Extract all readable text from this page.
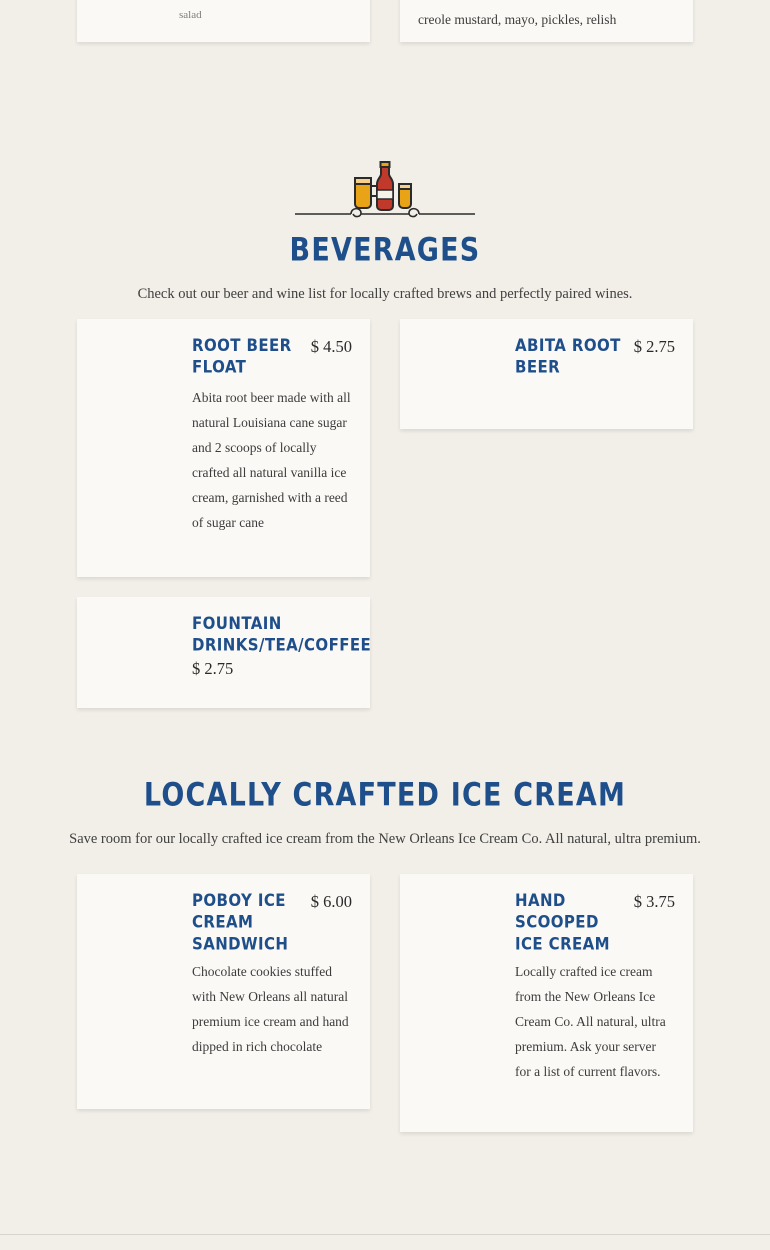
salad	creole mustard, mayo, pickles, relish
BEVERAGES

Check out our beer and wine list for locally crafted brews and perfectly paired wines.

ROOT BEER FLOAT
$ 4.50
Abita root beer made with all natural Louisiana cane sugar and 2 scoops of locally crafted all natural vanilla ice cream, garnished with a reed of sugar cane
ABITA ROOT BEER
$ 2.75
FOUNTAIN DRINKS/TEA/COFFEE
$ 2.75
LOCALLY CRAFTED ICE CREAM

Save room for our locally crafted ice cream from the New Orleans Ice Cream Co. All natural, ultra premium.

POBOY ICE CREAM SANDWICH
$ 6.00
Chocolate cookies stuffed with New Orleans all natural premium ice cream and hand dipped in rich chocolate
HAND SCOOPED ICE CREAM
$ 3.75
Locally crafted ice cream from the New Orleans Ice Cream Co. All natural, ultra premium. Ask your server for a list of current flavors.
